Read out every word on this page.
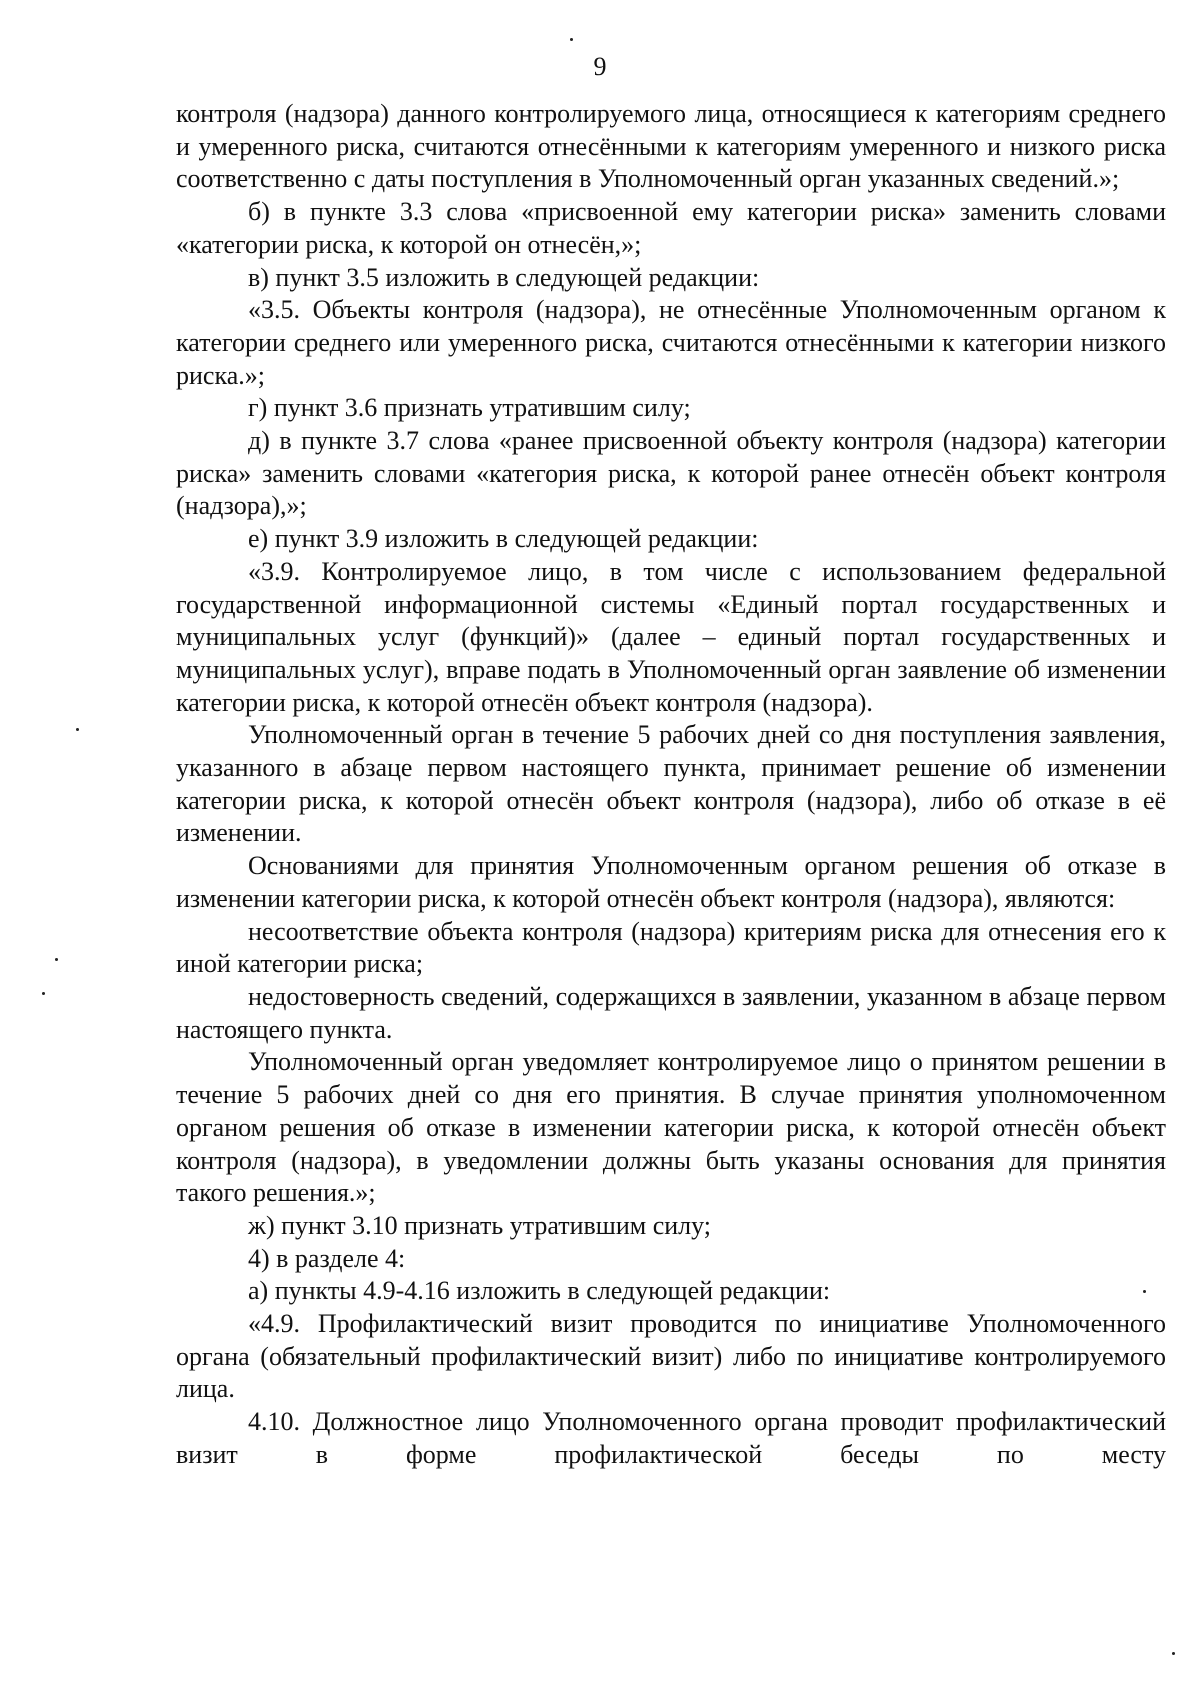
9

контроля (надзора) данного контролируемого лица, относящиеся к категориям среднего и умеренного риска, считаются отнесёнными к категориям умеренного и низкого риска соответственно с даты поступления в Уполномоченный орган указанных сведений.»;

б) в пункте 3.3 слова «присвоенной ему категории риска» заменить словами «категории риска, к которой он отнесён,»;

в) пункт 3.5 изложить в следующей редакции:

«3.5. Объекты контроля (надзора), не отнесённые Уполномоченным органом к категории среднего или умеренного риска, считаются отнесёнными к категории низкого риска.»;

г) пункт 3.6 признать утратившим силу;

д) в пункте 3.7 слова «ранее присвоенной объекту контроля (надзора) категории риска» заменить словами «категория риска, к которой ранее отнесён объект контроля (надзора),»;

е) пункт 3.9 изложить в следующей редакции:

«3.9. Контролируемое лицо, в том числе с использованием федеральной государственной информационной системы «Единый портал государственных и муниципальных услуг (функций)» (далее – единый портал государственных и муниципальных услуг), вправе подать в Уполномоченный орган заявление об изменении категории риска, к которой отнесён объект контроля (надзора).

Уполномоченный орган в течение 5 рабочих дней со дня поступления заявления, указанного в абзаце первом настоящего пункта, принимает решение об изменении категории риска, к которой отнесён объект контроля (надзора), либо об отказе в её изменении.

Основаниями для принятия Уполномоченным органом решения об отказе в изменении категории риска, к которой отнесён объект контроля (надзора), являются:

несоответствие объекта контроля (надзора) критериям риска для отнесения его к иной категории риска;

недостоверность сведений, содержащихся в заявлении, указанном в абзаце первом настоящего пункта.

Уполномоченный орган уведомляет контролируемое лицо о принятом решении в течение 5 рабочих дней со дня его принятия. В случае принятия уполномоченном органом решения об отказе в изменении категории риска, к которой отнесён объект контроля (надзора), в уведомлении должны быть указаны основания для принятия такого решения.»;

ж) пункт 3.10 признать утратившим силу;

4) в разделе 4:

а) пункты 4.9-4.16 изложить в следующей редакции:

«4.9. Профилактический визит проводится по инициативе Уполномоченного органа (обязательный профилактический визит) либо по инициативе контролируемого лица.

4.10. Должностное лицо Уполномоченного органа проводит профилактический визит в форме профилактической беседы по месту
